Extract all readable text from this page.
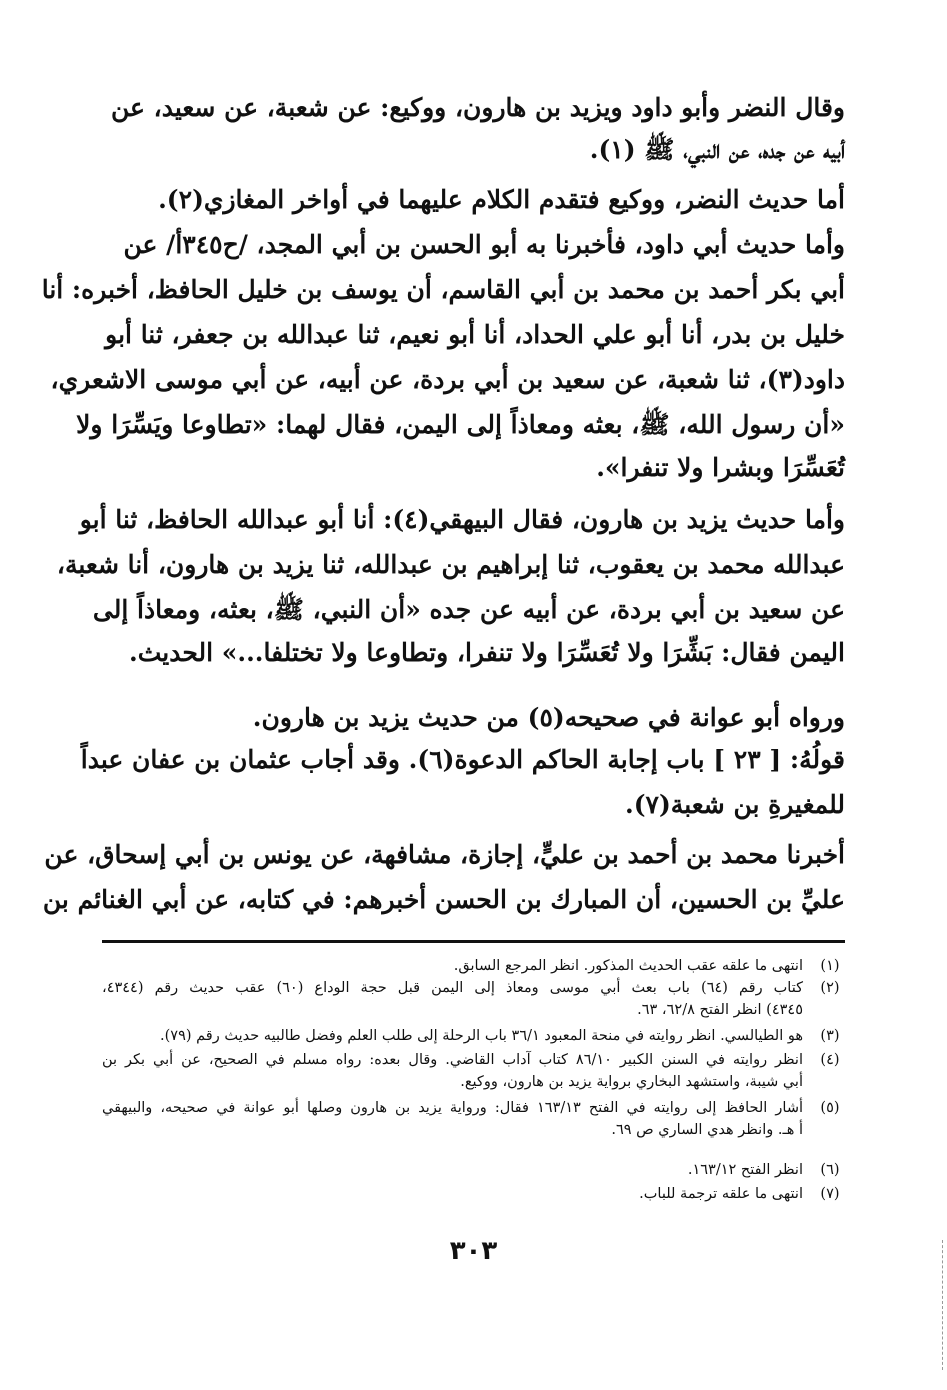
وقال النضر وأبو داود ويزيد بن هارون، ووكيع: عن شعبة، عن سعيد، عن
أبيه عن جده، عن النبي، ﷺ (١).
أما حديث النضر، ووكيع فتقدم الكلام عليهما في أواخر المغازي(٢).
وأما حديث أبي داود، فأخبرنا به أبو الحسن بن أبي المجد، /ح٣٤٥أ/ عن
أبي بكر أحمد بن محمد بن أبي القاسم، أن يوسف بن خليل الحافظ، أخبره: أنا
خليل بن بدر، أنا أبو علي الحداد، أنا أبو نعيم، ثنا عبدالله بن جعفر، ثنا أبو
داود(٣)، ثنا شعبة، عن سعيد بن أبي بردة، عن أبيه، عن أبي موسى الاشعري،
«أن رسول الله، ﷺ، بعثه ومعاذاً إلى اليمن، فقال لهما: «تطاوعا ويَسِّرَا ولا
تُعَسِّرَا وبشرا ولا تنفرا».
وأما حديث يزيد بن هارون، فقال البيهقي(٤): أنا أبو عبدالله الحافظ، ثنا أبو
عبدالله محمد بن يعقوب، ثنا إبراهيم بن عبدالله، ثنا يزيد بن هارون، أنا شعبة،
عن سعيد بن أبي بردة، عن أبيه عن جده «أن النبي، ﷺ، بعثه، ومعاذاً إلى
اليمن فقال: بَشِّرَا ولا تُعَسِّرَا ولا تنفرا، وتطاوعا ولا تختلفا...» الحديث.
ورواه أبو عوانة في صحيحه(٥) من حديث يزيد بن هارون.
قولُهُ: [ ٢٣ ] باب إجابة الحاكم الدعوة(٦). وقد أجاب عثمان بن عفان عبداً
للمغيرةِ بن شعبة(٧).
أخبرنا محمد بن أحمد بن عليٍّ، إجازة، مشافهة، عن يونس بن أبي إسحاق، عن
عليِّ بن الحسين، أن المبارك بن الحسن أخبرهم: في كتابه، عن أبي الغنائم بن
(١)
انتهى ما علقه عقب الحديث المذكور. انظر المرجع السابق.
(٢)
كتاب رقم (٦٤) باب بعث أبي موسى ومعاذ إلى اليمن قبل حجة الوداع (٦٠) عقب حديث رقم (٤٣٤٤،
٤٣٤٥) انظر الفتح ٦٢/٨، ٦٣.
(٣)
هو الطيالسي. انظر روايته في منحة المعبود ٣٦/١ باب الرحلة إلى طلب العلم وفضل طالبيه حديث رقم (٧٩).
(٤)
انظر روايته في السنن الكبير ٨٦/١٠ كتاب آداب القاضي. وقال بعده: رواه مسلم في الصحيح، عن أبي بكر بن
أبي شيبة، واستشهد البخاري برواية يزيد بن هارون، ووكيع.
(٥)
أشار الحافظ إلى روايته في الفتح ١٦٣/١٣ فقال: ورواية يزيد بن هارون وصلها أبو عوانة في صحيحه، والبيهقي
أ هـ. وانظر هدي الساري ص ٦٩.
(٦)
انظر الفتح ١٦٣/١٢.
(٧)
انتهى ما علقه ترجمة للباب.
٣٠٣
